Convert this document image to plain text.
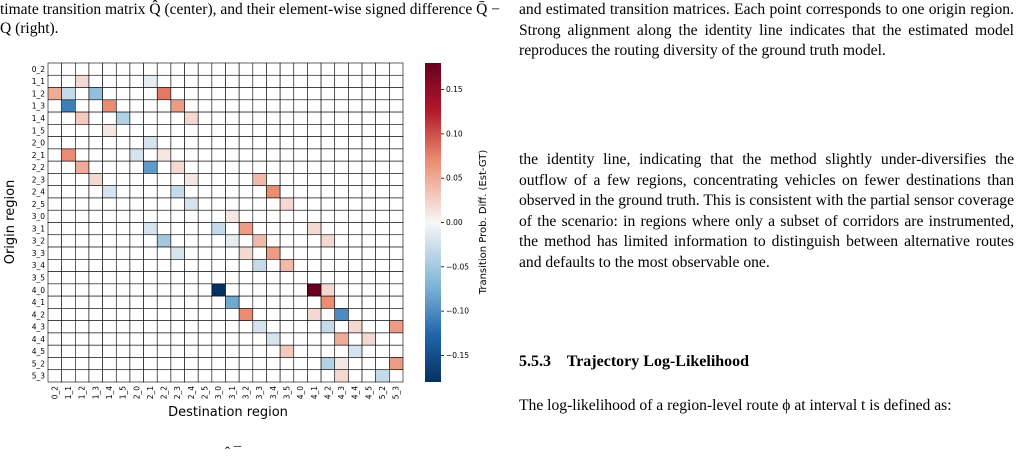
timate transition matrix Q̂ (center), and their element-wise signed difference Q̄ − Q (right).

0_2
1_1
1_2
1_3
1_4
1_5
2_0
2_1
2_2
2_3
2_4
2_5
3_0
3_1
3_2
3_3
3_4
3_5
4_0
4_1
4_2
4_3
4_4
4_5
5_2
5_3
0_2 1_1 1_2 1_3 1_4 1_5 2_0 2_1 2_2 2_3 2_4 2_5 3_0 3_1 3_2 3_3 3_4 3_5 4_0 4_1 4_2 4_3 4_4 4_5 5_2 5_3
0.15
0.10
0.05
0.00
−0.05
−0.10
−0.15
Transition Prob. Diff. (Est-GT)
Origin region
Destination region
ˆ ¯

and estimated transition matrices. Each point corresponds to one origin region. Strong alignment along the identity line indicates that the estimated model reproduces the routing diversity of the ground truth model.

the identity line, indicating that the method slightly under-diversifies the outflow of a few regions, concentrating vehicles on fewer destinations than observed in the ground truth. This is consistent with the partial sensor coverage of the scenario: in regions where only a subset of corridors are instrumented, the method has limited information to distinguish between alternative routes and defaults to the most observable one.

5.5.3 Trajectory Log-Likelihood

The log-likelihood of a region-level route ϕ at interval t is defined as:
